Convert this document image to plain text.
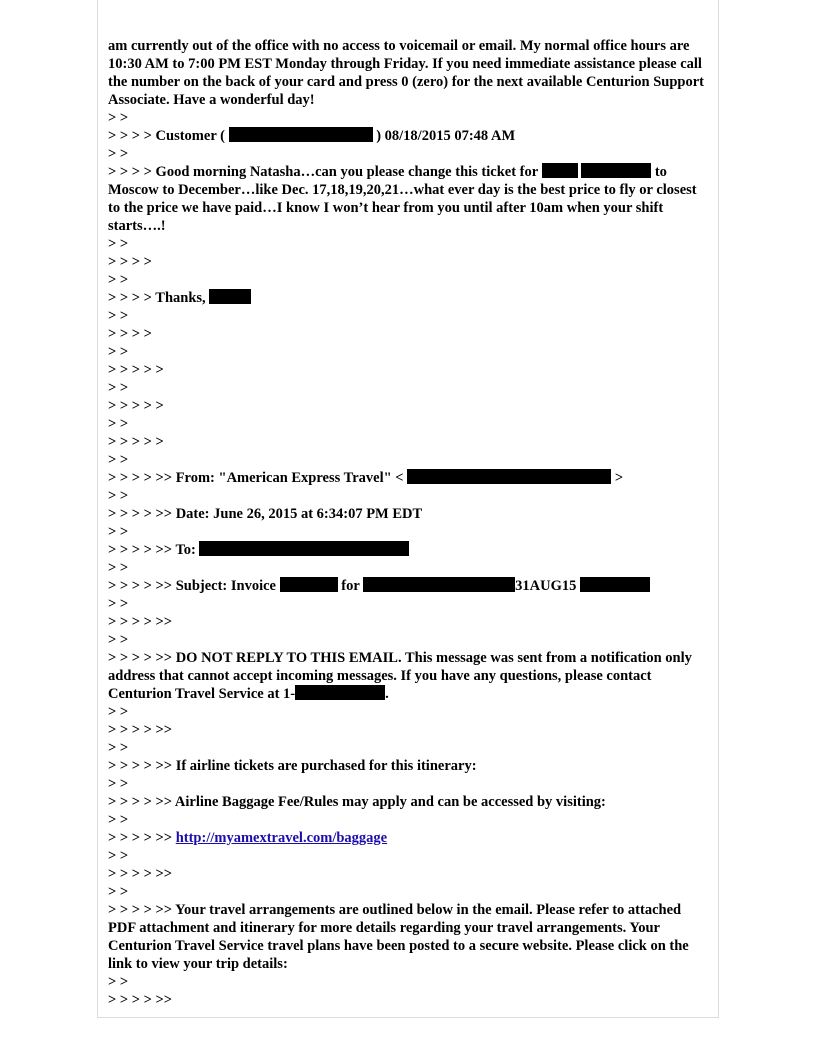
am currently out of the office with no access to voicemail or email. My normal office hours are 10:30 AM to 7:00 PM EST Monday through Friday. If you need immediate assistance please call the number on the back of your card and press 0 (zero) for the next available Centurion Support Associate. Have a wonderful day!
> >
> > > > Customer (	) 08/18/2015 07:48 AM
> >
> > > > Good morning Natasha…can you please change this ticket for	to Moscow to December…like Dec. 17,18,19,20,21…what ever day is the best price to fly or closest to the price we have paid…I know I won’t hear from you until after 10am when your shift starts….!
> >
> > > >
> >
> > > > Thanks,
> >
> > > >
> >
> > > > >
> >
> > > > >
> >
> > > > >
> >
> > > > >> From: "American Express Travel" <	>
> >
> > > > >> Date: June 26, 2015 at 6:34:07 PM EDT
> >
> > > > >> To:
> >
> > > > >> Subject: Invoice	for	31AUG15
> >
> > > > >>
> >
> > > > >> DO NOT REPLY TO THIS EMAIL. This message was sent from a notification only address that cannot accept incoming messages. If you have any questions, please contact Centurion Travel Service at 1-	.
> >
> > > > >>
> >
> > > > >> If airline tickets are purchased for this itinerary:
> >
> > > > >> Airline Baggage Fee/Rules may apply and can be accessed by visiting:
> >
> > > > >> http://myamextravel.com/baggage
> >
> > > > >>
> >
> > > > >> Your travel arrangements are outlined below in the email. Please refer to attached PDF attachment and itinerary for more details regarding your travel arrangements. Your Centurion Travel Service travel plans have been posted to a secure website. Please click on the link to view your trip details:
> >
> > > > >>
